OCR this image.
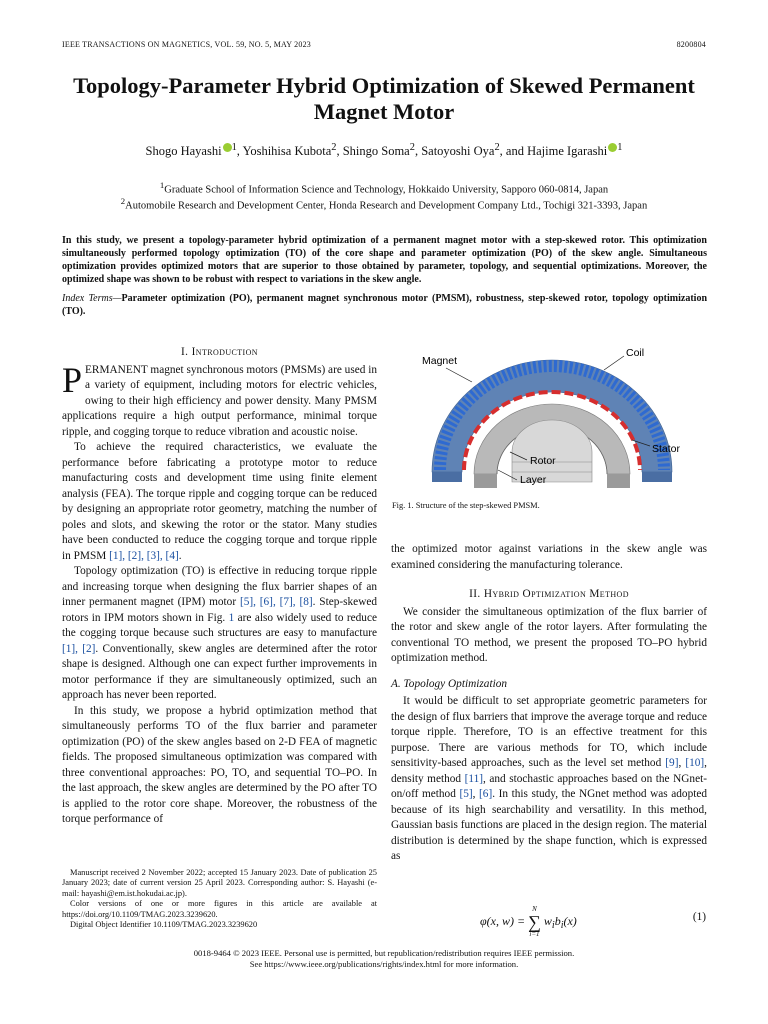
IEEE TRANSACTIONS ON MAGNETICS, VOL. 59, NO. 5, MAY 2023	8200804
Topology-Parameter Hybrid Optimization of Skewed Permanent Magnet Motor
Shogo Hayashi $^1$, Yoshihisa Kubota$^2$, Shingo Soma$^2$, Satoyoshi Oya$^2$, and Hajime Igarashi $^1$
$^1$Graduate School of Information Science and Technology, Hokkaido University, Sapporo 060-0814, Japan
$^2$Automobile Research and Development Center, Honda Research and Development Company Ltd., Tochigi 321-3393, Japan
In this study, we present a topology-parameter hybrid optimization of a permanent magnet motor with a step-skewed rotor. This optimization simultaneously performed topology optimization (TO) of the core shape and parameter optimization (PO) of the skew angle. Simultaneous optimization provides optimized motors that are superior to those obtained by parameter, topology, and sequential optimizations. Moreover, the optimized shape was shown to be robust with respect to variations in the skew angle.
Index Terms—Parameter optimization (PO), permanent magnet synchronous motor (PMSM), robustness, step-skewed rotor, topology optimization (TO).
I. Introduction

PERMANENT magnet synchronous motors (PMSMs) are used in a variety of equipment, including motors for electric vehicles, owing to their high efficiency and power density. Many PMSM applications require a high output performance, minimal torque ripple, and cogging torque to reduce vibration and acoustic noise.

To achieve the required characteristics, we evaluate the performance before fabricating a prototype motor to reduce manufacturing costs and development time using finite element analysis (FEA). The torque ripple and cogging torque can be reduced by designing an appropriate rotor geometry, matching the number of poles and slots, and skewing the rotor or the stator. Many studies have been conducted to reduce the cogging torque and torque ripple in PMSM [1], [2], [3], [4].

Topology optimization (TO) is effective in reducing torque ripple and increasing torque when designing the flux barrier shapes of an inner permanent magnet (IPM) motor [5], [6], [7], [8]. Step-skewed rotors in IPM motors shown in Fig. 1 are also widely used to reduce the cogging torque because such structures are easy to manufacture [1], [2]. Conventionally, skew angles are determined after the rotor shape is designed. Although one can expect further improvements in motor performance if they are simultaneously optimized, such an approach has never been reported.

In this study, we propose a hybrid optimization method that simultaneously performs TO of the flux barrier and parameter optimization (PO) of the skew angles based on 2-D FEA of magnetic fields. The proposed simultaneous optimization was compared with three conventional approaches: PO, TO, and sequential TO–PO. In the last approach, the skew angles are determined by the PO after TO is applied to the rotor core shape. Moreover, the robustness of the torque performance of

Manuscript received 2 November 2022; accepted 15 January 2023. Date of publication 25 January 2023; date of current version 25 April 2023. Corresponding author: S. Hayashi (e-mail: hayashi@em.ist.hokudai.ac.jp).

Color versions of one or more figures in this article are available at https://doi.org/10.1109/TMAG.2023.3239620.

Digital Object Identifier 10.1109/TMAG.2023.3239620

Magnet
Coil
Stator
Rotor
Layer
Fig. 1. Structure of the step-skewed PMSM.

the optimized motor against variations in the skew angle was examined considering the manufacturing tolerance.

II. Hybrid Optimization Method

We consider the simultaneous optimization of the flux barrier of the rotor and skew angle of the rotor layers. After formulating the conventional TO method, we present the proposed TO–PO hybrid optimization method.

A. Topology Optimization

It would be difficult to set appropriate geometric parameters for the design of flux barriers that improve the average torque and reduce torque ripple. Therefore, TO is an effective treatment for this purpose. There are various methods for TO, which include sensitivity-based approaches, such as the level set method [9], [10], density method [11], and stochastic approaches based on the NGnet-on/off method [5], [6]. In this study, the NGnet method was adopted because of its high searchability and versatility. In this method, Gaussian basis functions are placed in the design region. The material distribution is determined by the shape function, which is expressed as

φ(x, w) =
N
∑
i=1
$w_ib_i(x)$	(1)
0018-9464 © 2023 IEEE. Personal use is permitted, but republication/redistribution requires IEEE permission.
See https://www.ieee.org/publications/rights/index.html for more information.
